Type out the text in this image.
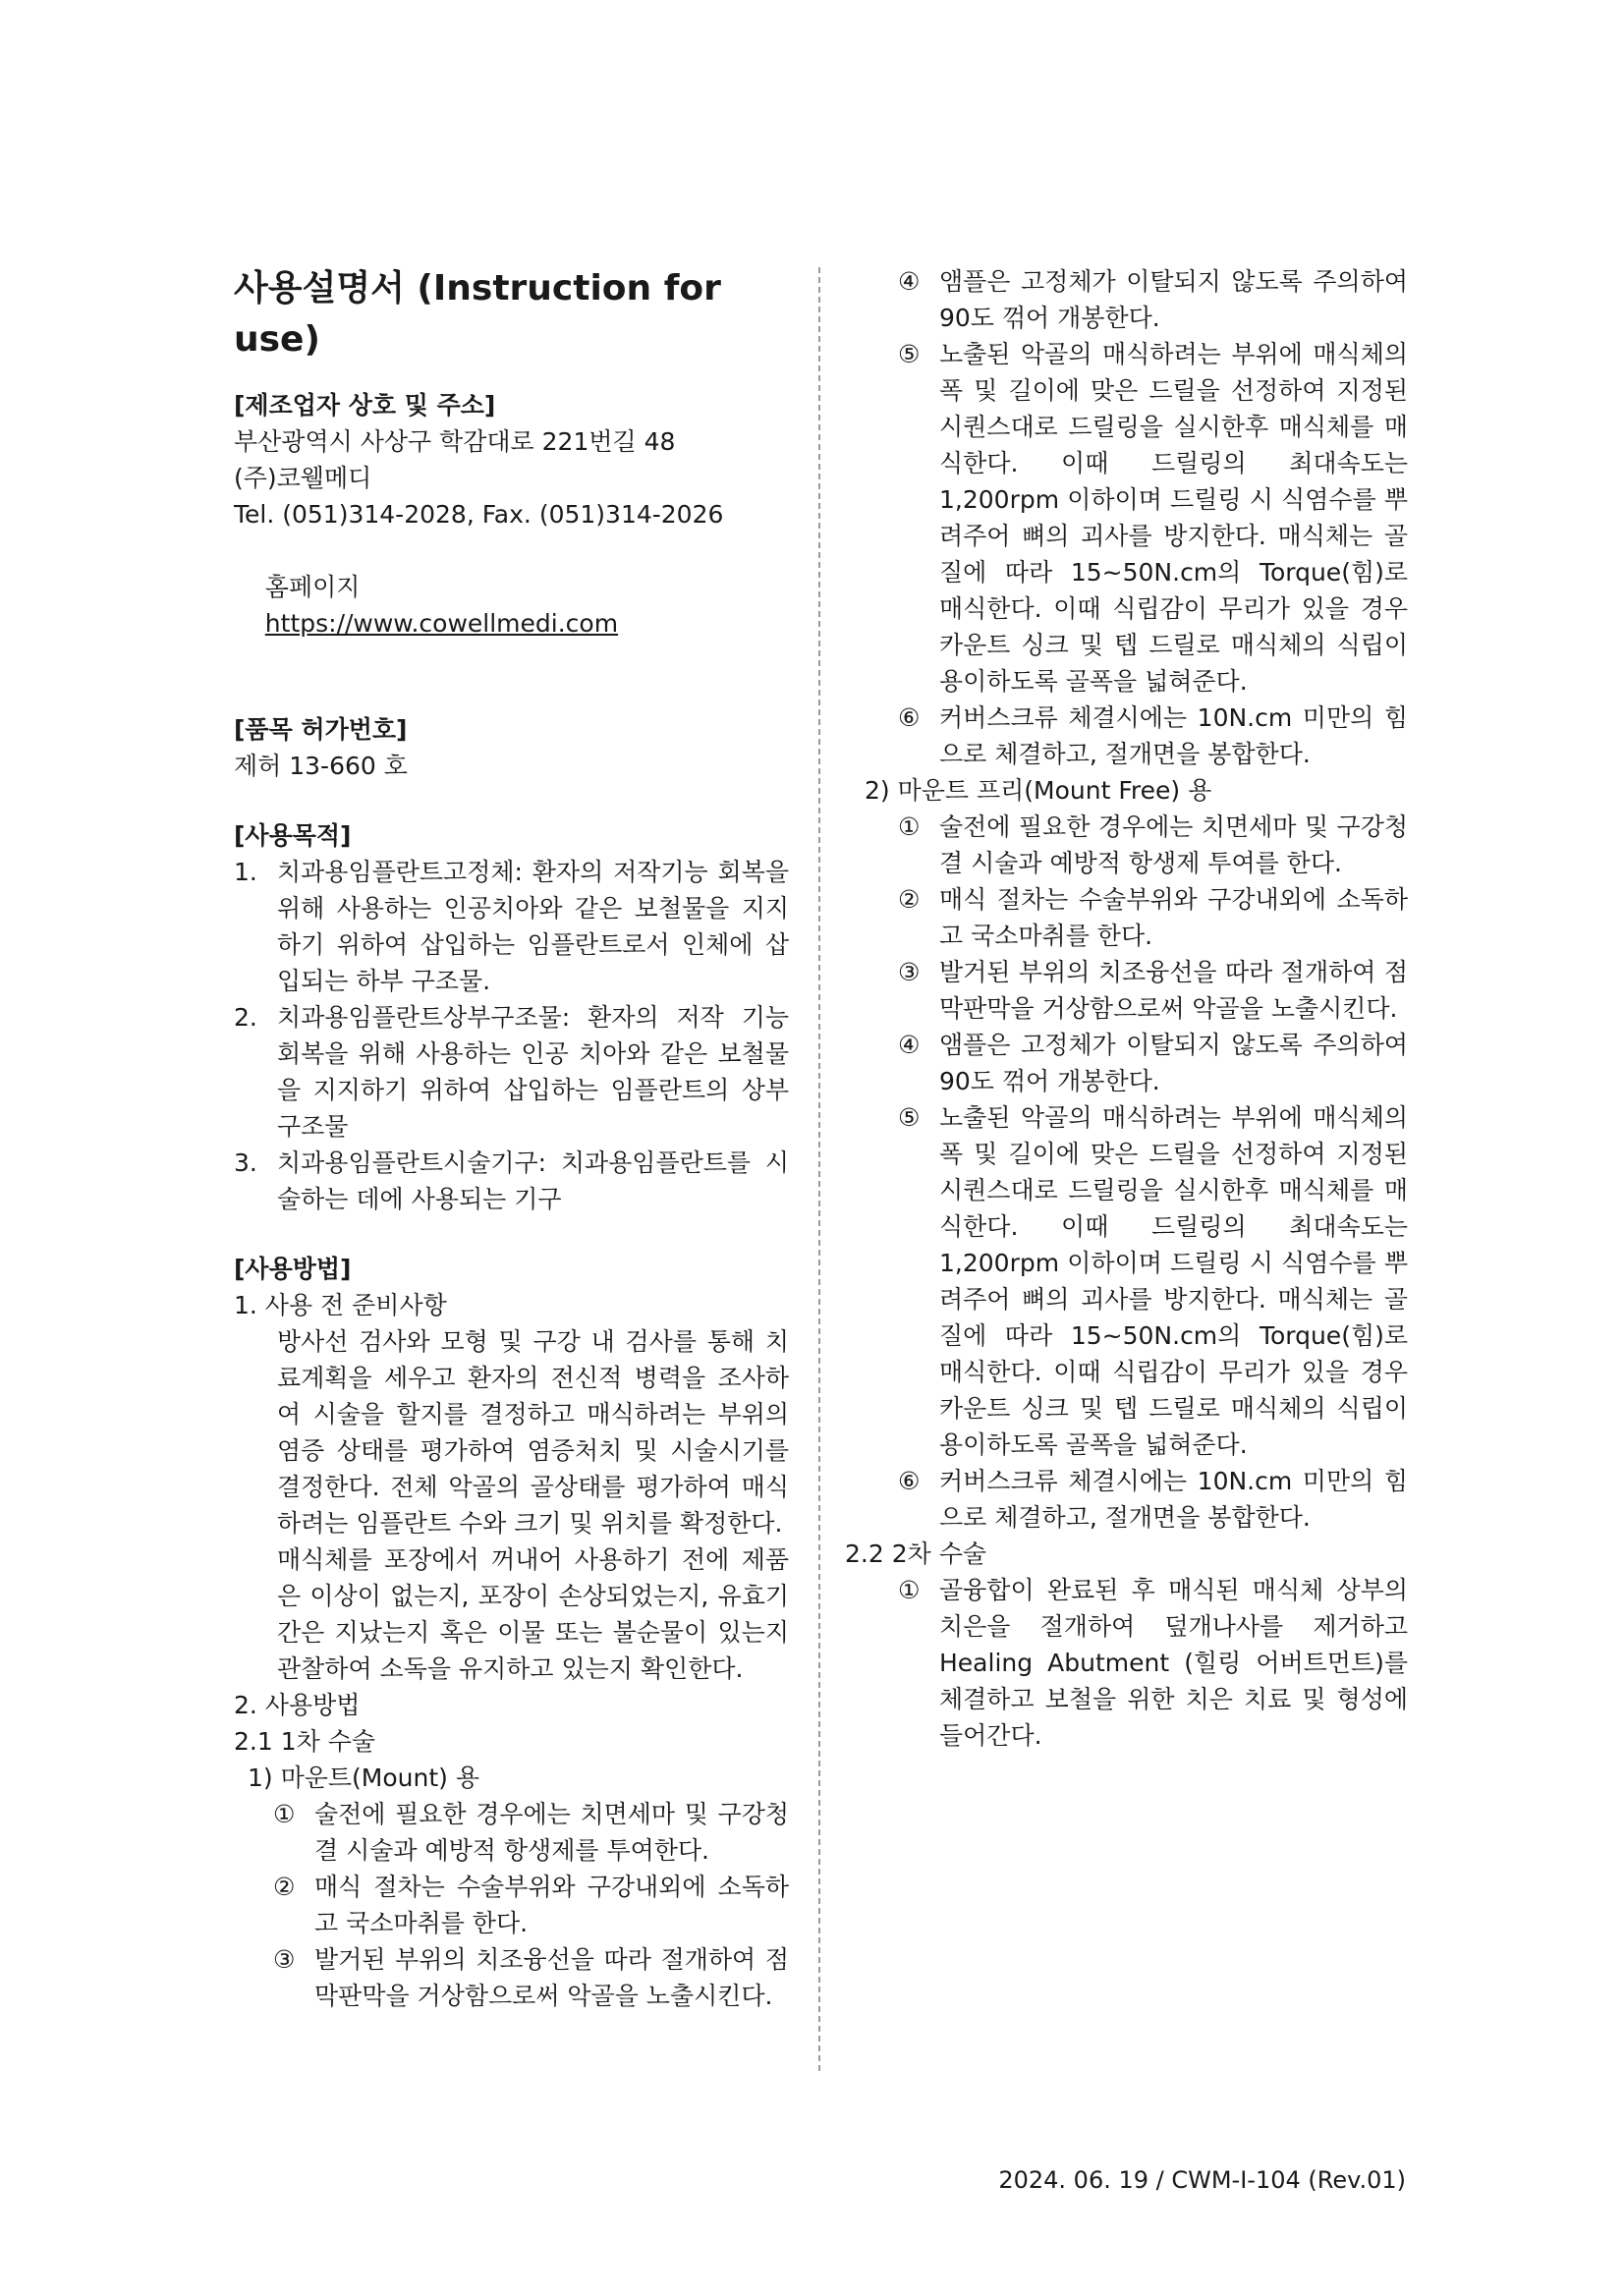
사용설명서 (Instruction for use)
[제조업자 상호 및 주소]
부산광역시 사상구 학감대로 221번길 48
(주)코웰메디
Tel. (051)314-2028, Fax. (051)314-2026

홈페이지
https://www.cowellmedi.com

[품목 허가번호]
제허 13-660 호
[사용목적]
1. 치과용임플란트고정체: 환자의 저작기능 회복을 위해 사용하는 인공치아와 같은 보철물을 지지하기 위하여 삽입하는 임플란트로서 인체에 삽입되는 하부 구조물.
2. 치과용임플란트상부구조물: 환자의 저작 기능 회복을 위해 사용하는 인공 치아와 같은 보철물을 지지하기 위하여 삽입하는 임플란트의 상부 구조물
3. 치과용임플란트시술기구: 치과용임플란트를 시술하는 데에 사용되는 기구
[사용방법]
1. 사용 전 준비사항
방사선 검사와 모형 및 구강 내 검사를 통해 치료계획을 세우고 환자의 전신적 병력을 조사하여 시술을 할지를 결정하고 매식하려는 부위의 염증 상태를 평가하여 염증처치 및 시술시기를 결정한다. 전체 악골의 골상태를 평가하여 매식하려는 임플란트 수와 크기 및 위치를 확정한다.
매식체를 포장에서 꺼내어 사용하기 전에 제품은 이상이 없는지, 포장이 손상되었는지, 유효기간은 지났는지 혹은 이물 또는 불순물이 있는지 관찰하여 소독을 유지하고 있는지 확인한다.
2. 사용방법
2.1 1차 수술
1) 마운트(Mount) 용
① 술전에 필요한 경우에는 치면세마 및 구강청결 시술과 예방적 항생제를 투여한다.
② 매식 절차는 수술부위와 구강내외에 소독하고 국소마취를 한다.
③ 발거된 부위의 치조융선을 따라 절개하여 점막판막을 거상함으로써 악골을 노출시킨다.
④ 앰플은 고정체가 이탈되지 않도록 주의하여 90도 꺾어 개봉한다.
⑤ 노출된 악골의 매식하려는 부위에 매식체의 폭 및 길이에 맞은 드릴을 선정하여 지정된 시퀀스대로 드릴링을 실시한후 매식체를 매식한다. 이때 드릴링의 최대속도는 1,200rpm 이하이며 드릴링 시 식염수를 뿌려주어 뼈의 괴사를 방지한다. 매식체는 골질에 따라 15~50N.cm의 Torque(힘)로 매식한다. 이때 식립감이 무리가 있을 경우 카운트 싱크 및 텝 드릴로 매식체의 식립이 용이하도록 골폭을 넓혀준다.
⑥ 커버스크류 체결시에는 10N.cm 미만의 힘으로 체결하고, 절개면을 봉합한다.
2) 마운트 프리(Mount Free) 용
① 술전에 필요한 경우에는 치면세마 및 구강청결 시술과 예방적 항생제 투여를 한다.
② 매식 절차는 수술부위와 구강내외에 소독하고 국소마취를 한다.
③ 발거된 부위의 치조융선을 따라 절개하여 점막판막을 거상함으로써 악골을 노출시킨다.
④ 앰플은 고정체가 이탈되지 않도록 주의하여 90도 꺾어 개봉한다.
⑤ 노출된 악골의 매식하려는 부위에 매식체의 폭 및 길이에 맞은 드릴을 선정하여 지정된 시퀀스대로 드릴링을 실시한후 매식체를 매식한다. 이때 드릴링의 최대속도는 1,200rpm 이하이며 드릴링 시 식염수를 뿌려주어 뼈의 괴사를 방지한다. 매식체는 골질에 따라 15~50N.cm의 Torque(힘)로 매식한다. 이때 식립감이 무리가 있을 경우 카운트 싱크 및 텝 드릴로 매식체의 식립이 용이하도록 골폭을 넓혀준다.
⑥ 커버스크류 체결시에는 10N.cm 미만의 힘으로 체결하고, 절개면을 봉합한다.
2.2 2차 수술
① 골융합이 완료된 후 매식된 매식체 상부의 치은을 절개하여 덮개나사를 제거하고 Healing Abutment (힐링 어버트먼트)를 체결하고 보철을 위한 치은 치료 및 형성에 들어간다.
2024. 06. 19 / CWM-I-104 (Rev.01)
